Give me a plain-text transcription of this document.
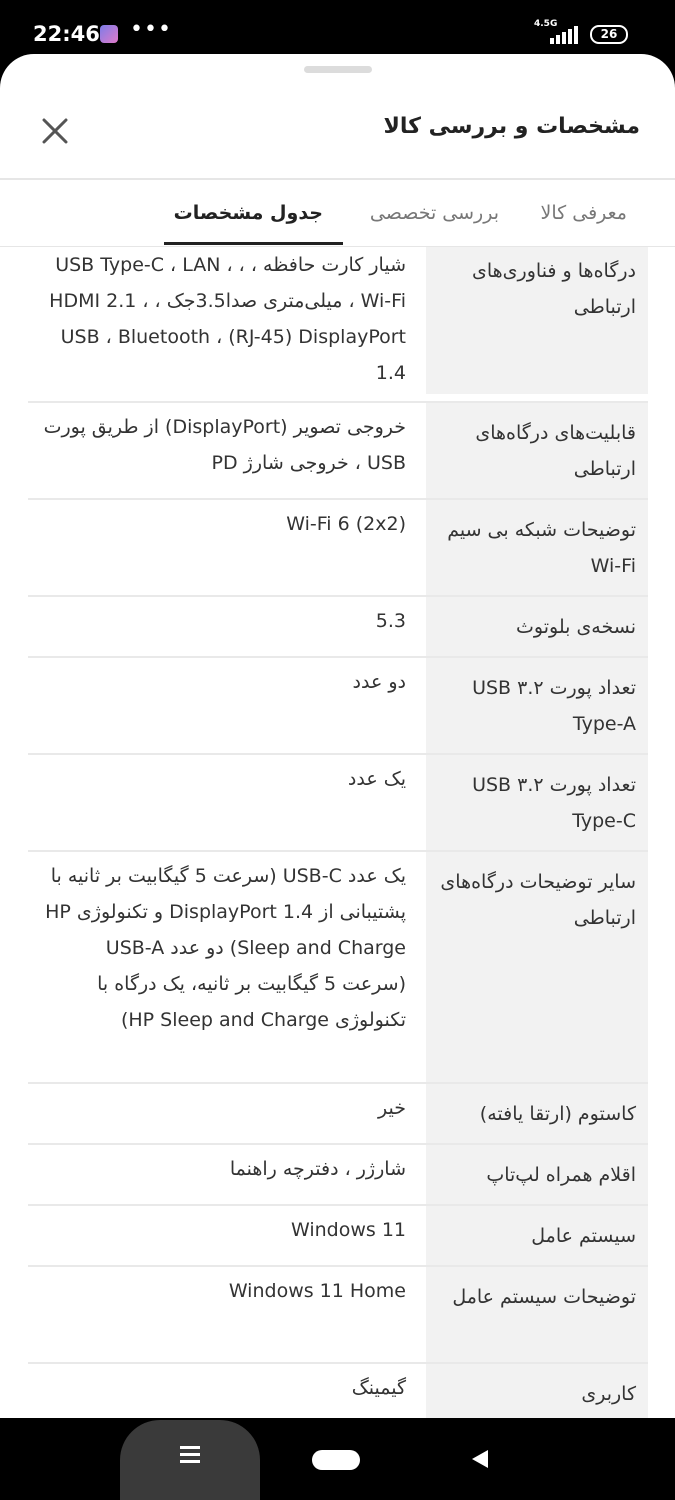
22:46 •••	4.5G
26
مشخصات و بررسی کالا
معرفی کالا
بررسی تخصصی
جدول مشخصات
درگاه‌ها و فناوری‌های ارتباطی
شیار کارت حافظه ، ، USB Type-C ، LAN ، Wi-Fi ، میلی‌متری صدا3.5جک ، HDMI 2.1 ، USB ، Bluetooth ، (RJ-45) DisplayPort 1.4
قابلیت‌های درگاه‌های ارتباطی
خروجی تصویر (DisplayPort) از طریق پورت USB ، خروجی شارژ PD
توضیحات شبکه بی سیم Wi-Fi
Wi-Fi 6 (2x2)
نسخه‌ی بلوتوث
5.3
تعداد پورت USB ۳.۲ Type-A
دو عدد
تعداد پورت USB ۳.۲ Type-C
یک عدد
سایر توضیحات درگاه‌های ارتباطی
یک عدد USB-C (سرعت 5 گیگابیت بر ثانیه با پشتیبانی از DisplayPort 1.4 و تکنولوژی HP Sleep and Charge) دو عدد USB-A (سرعت 5 گیگابیت بر ثانیه، یک درگاه با تکنولوژی HP Sleep and Charge)
کاستوم (ارتقا یافته)
خیر
اقلام همراه لپ‌تاپ
شارژر ، دفترچه راهنما
سیستم عامل
Windows 11
توضیحات سیستم عامل
Windows 11 Home
کاربری
گیمینگ
